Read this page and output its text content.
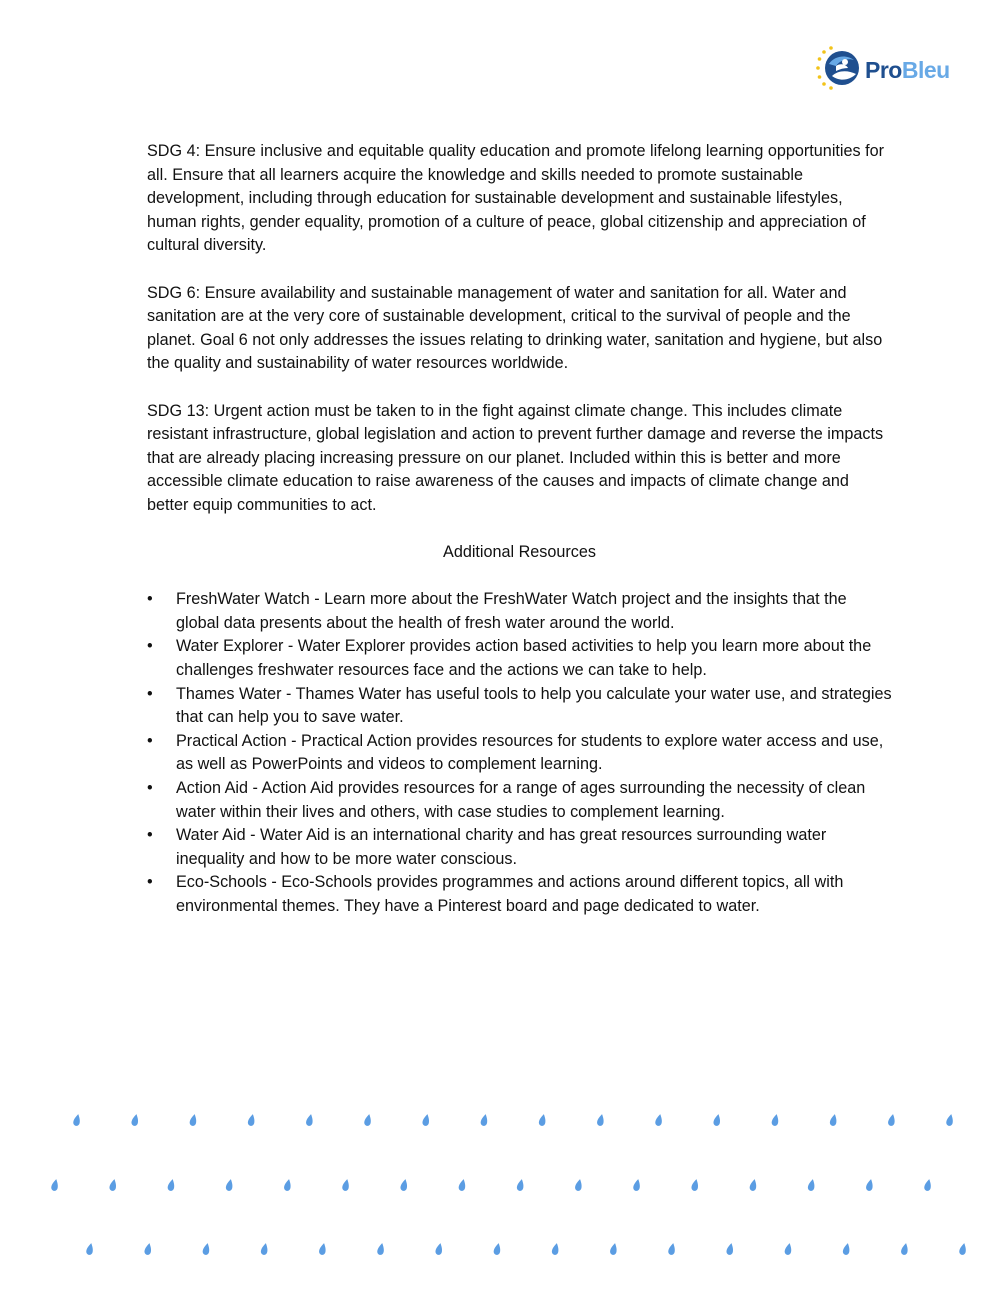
ProBleu

SDG 4: Ensure inclusive and equitable quality education and promote lifelong learning opportunities for all. Ensure that all learners acquire the knowledge and skills needed to promote sustainable development, including through education for sustainable development and sustainable lifestyles, human rights, gender equality, promotion of a culture of peace, global citizenship and appreciation of cultural diversity.

SDG 6: Ensure availability and sustainable management of water and sanitation for all. Water and sanitation are at the very core of sustainable development, critical to the survival of people and the planet. Goal 6 not only addresses the issues relating to drinking water, sanitation and hygiene, but also the quality and sustainability of water resources worldwide.

SDG 13: Urgent action must be taken to in the fight against climate change. This includes climate resistant infrastructure, global legislation and action to prevent further damage and reverse the impacts that are already placing increasing pressure on our planet. Included within this is better and more accessible climate education to raise awareness of the causes and impacts of climate change and better equip communities to act.

Additional Resources

• FreshWater Watch - Learn more about the FreshWater Watch project and the insights that the global data presents about the health of fresh water around the world.
• Water Explorer - Water Explorer provides action based activities to help you learn more about the challenges freshwater resources face and the actions we can take to help.
• Thames Water - Thames Water has useful tools to help you calculate your water use, and strategies that can help you to save water.
• Practical Action - Practical Action provides resources for students to explore water access and use, as well as PowerPoints and videos to complement learning.
• Action Aid - Action Aid provides resources for a range of ages surrounding the necessity of clean water within their lives and others, with case studies to complement learning.
• Water Aid - Water Aid is an international charity and has great resources surrounding water inequality and how to be more water conscious.
• Eco-Schools - Eco-Schools provides programmes and actions around different topics, all with environmental themes. They have a Pinterest board and page dedicated to water.
